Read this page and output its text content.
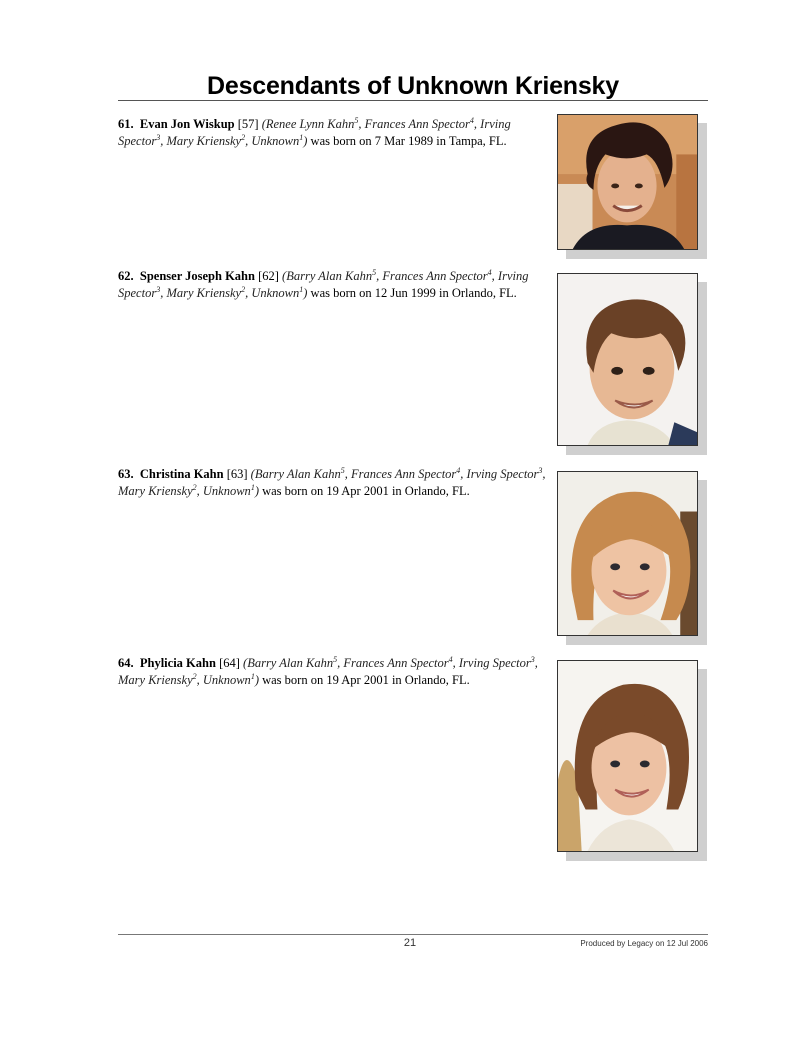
Descendants of Unknown Kriensky
61. Evan Jon Wiskup [57] (Renee Lynn Kahn$^5$, Frances Ann Spector$^4$, Irving Spector$^3$, Mary Kriensky$^2$, Unknown$^1$) was born on 7 Mar 1989 in Tampa, FL.
62. Spenser Joseph Kahn [62] (Barry Alan Kahn$^5$, Frances Ann Spector$^4$, Irving Spector$^3$, Mary Kriensky$^2$, Unknown$^1$) was born on 12 Jun 1999 in Orlando, FL.
63. Christina Kahn [63] (Barry Alan Kahn$^5$, Frances Ann Spector$^4$, Irving Spector$^3$, Mary Kriensky$^2$, Unknown$^1$) was born on 19 Apr 2001 in Orlando, FL.
64. Phylicia Kahn [64] (Barry Alan Kahn$^5$, Frances Ann Spector$^4$, Irving Spector$^3$, Mary Kriensky$^2$, Unknown$^1$) was born on 19 Apr 2001 in Orlando, FL.
21	Produced by Legacy on 12 Jul 2006
